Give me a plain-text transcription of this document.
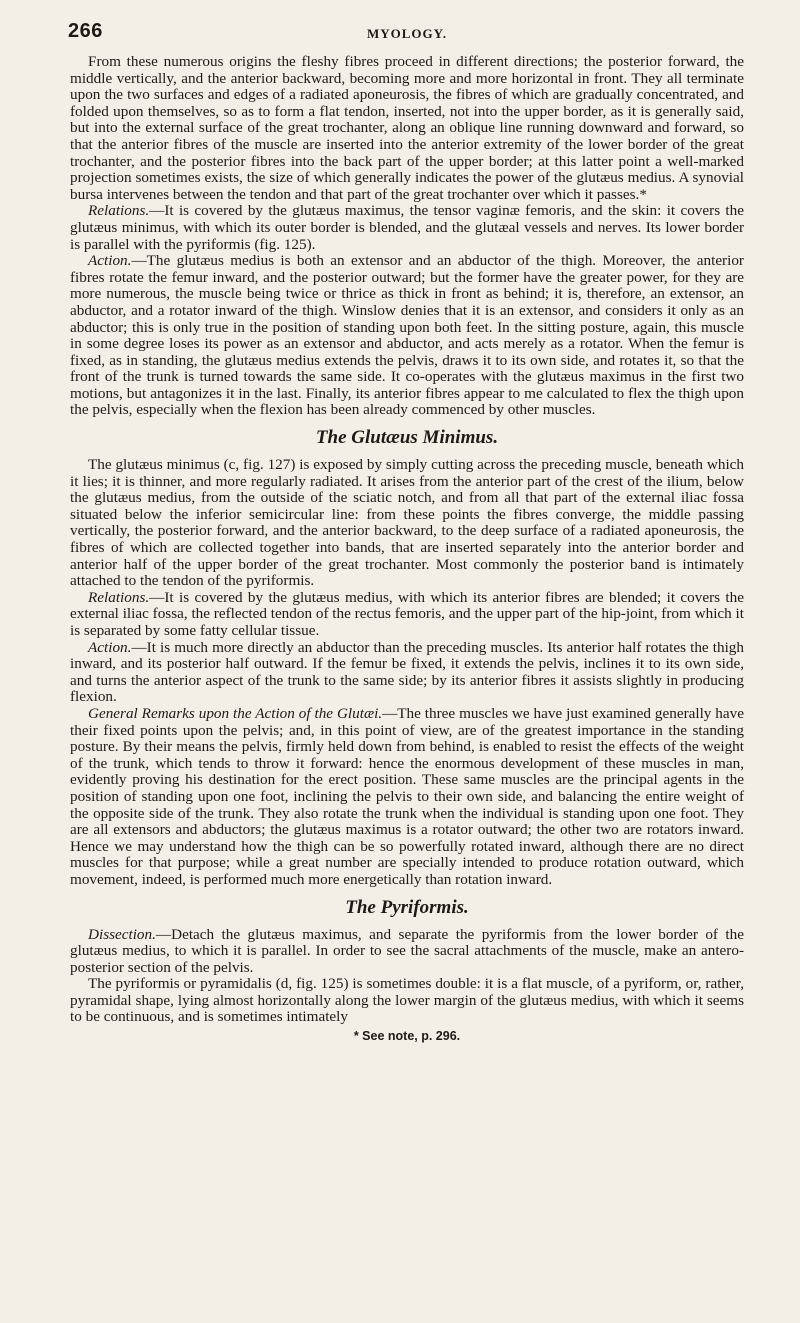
266	MYOLOGY.

From these numerous origins the fleshy fibres proceed in different directions; the posterior forward, the middle vertically, and the anterior backward, becoming more and more horizontal in front. They all terminate upon the two surfaces and edges of a radiated aponeurosis, the fibres of which are gradually concentrated, and folded upon themselves, so as to form a flat tendon, inserted, not into the upper border, as it is generally said, but into the external surface of the great trochanter, along an oblique line running downward and forward, so that the anterior fibres of the muscle are inserted into the anterior extremity of the lower border of the great trochanter, and the posterior fibres into the back part of the upper border; at this latter point a well-marked projection sometimes exists, the size of which generally indicates the power of the glutæus medius. A synovial bursa intervenes between the tendon and that part of the great trochanter over which it passes.*

Relations.—It is covered by the glutæus maximus, the tensor vaginæ femoris, and the skin: it covers the glutæus minimus, with which its outer border is blended, and the glutæal vessels and nerves. Its lower border is parallel with the pyriformis (fig. 125).

Action.—The glutæus medius is both an extensor and an abductor of the thigh. Moreover, the anterior fibres rotate the femur inward, and the posterior outward; but the former have the greater power, for they are more numerous, the muscle being twice or thrice as thick in front as behind; it is, therefore, an extensor, an abductor, and a rotator inward of the thigh. Winslow denies that it is an extensor, and considers it only as an abductor; this is only true in the position of standing upon both feet. In the sitting posture, again, this muscle in some degree loses its power as an extensor and abductor, and acts merely as a rotator. When the femur is fixed, as in standing, the glutæus medius extends the pelvis, draws it to its own side, and rotates it, so that the front of the trunk is turned towards the same side. It co-operates with the glutæus maximus in the first two motions, but antagonizes it in the last. Finally, its anterior fibres appear to me calculated to flex the thigh upon the pelvis, especially when the flexion has been already commenced by other muscles.

The Glutæus Minimus.

The glutæus minimus (c, fig. 127) is exposed by simply cutting across the preceding muscle, beneath which it lies; it is thinner, and more regularly radiated. It arises from the anterior part of the crest of the ilium, below the glutæus medius, from the outside of the sciatic notch, and from all that part of the external iliac fossa situated below the inferior semicircular line: from these points the fibres converge, the middle passing vertically, the posterior forward, and the anterior backward, to the deep surface of a radiated aponeurosis, the fibres of which are collected together into bands, that are inserted separately into the anterior border and anterior half of the upper border of the great trochanter. Most commonly the posterior band is intimately attached to the tendon of the pyriformis.

Relations.—It is covered by the glutæus medius, with which its anterior fibres are blended; it covers the external iliac fossa, the reflected tendon of the rectus femoris, and the upper part of the hip-joint, from which it is separated by some fatty cellular tissue.

Action.—It is much more directly an abductor than the preceding muscles. Its anterior half rotates the thigh inward, and its posterior half outward. If the femur be fixed, it extends the pelvis, inclines it to its own side, and turns the anterior aspect of the trunk to the same side; by its anterior fibres it assists slightly in producing flexion.

General Remarks upon the Action of the Glutæi.—The three muscles we have just examined generally have their fixed points upon the pelvis; and, in this point of view, are of the greatest importance in the standing posture. By their means the pelvis, firmly held down from behind, is enabled to resist the effects of the weight of the trunk, which tends to throw it forward: hence the enormous development of these muscles in man, evidently proving his destination for the erect position. These same muscles are the principal agents in the position of standing upon one foot, inclining the pelvis to their own side, and balancing the entire weight of the opposite side of the trunk. They also rotate the trunk when the individual is standing upon one foot. They are all extensors and abductors; the glutæus maximus is a rotator outward; the other two are rotators inward. Hence we may understand how the thigh can be so powerfully rotated inward, although there are no direct muscles for that purpose; while a great number are specially intended to produce rotation outward, which movement, indeed, is performed much more energetically than rotation inward.

The Pyriformis.

Dissection.—Detach the glutæus maximus, and separate the pyriformis from the lower border of the glutæus medius, to which it is parallel. In order to see the sacral attachments of the muscle, make an antero-posterior section of the pelvis.

The pyriformis or pyramidalis (d, fig. 125) is sometimes double: it is a flat muscle, of a pyriform, or, rather, pyramidal shape, lying almost horizontally along the lower margin of the glutæus medius, with which it seems to be continuous, and is sometimes intimately

* See note, p. 296.
